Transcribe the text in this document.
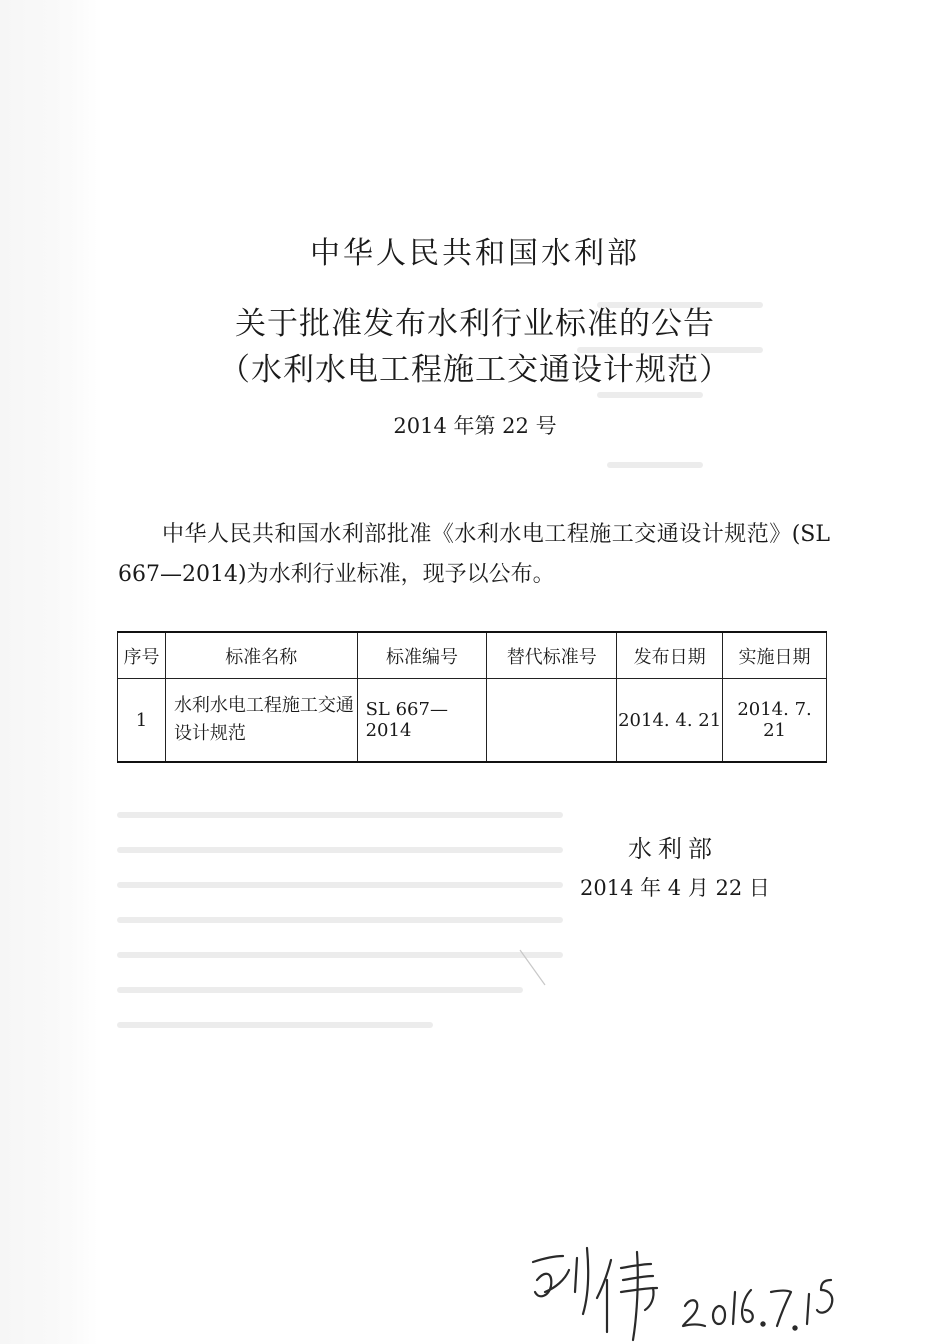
中华人民共和国水利部
关于批准发布水利行业标准的公告
（水利水电工程施工交通设计规范）
2014 年第 22 号
中华人民共和国水利部批准《水利水电工程施工交通设计规范》(SL 667—2014)为水利行业标准，现予以公布。
序号	标准名称	标准编号	替代标准号	发布日期	实施日期
1	水利水电工程施工交通设计规范	SL 667—2014		2014. 4. 21	2014. 7. 21
水利部
2014 年 4 月 22 日
